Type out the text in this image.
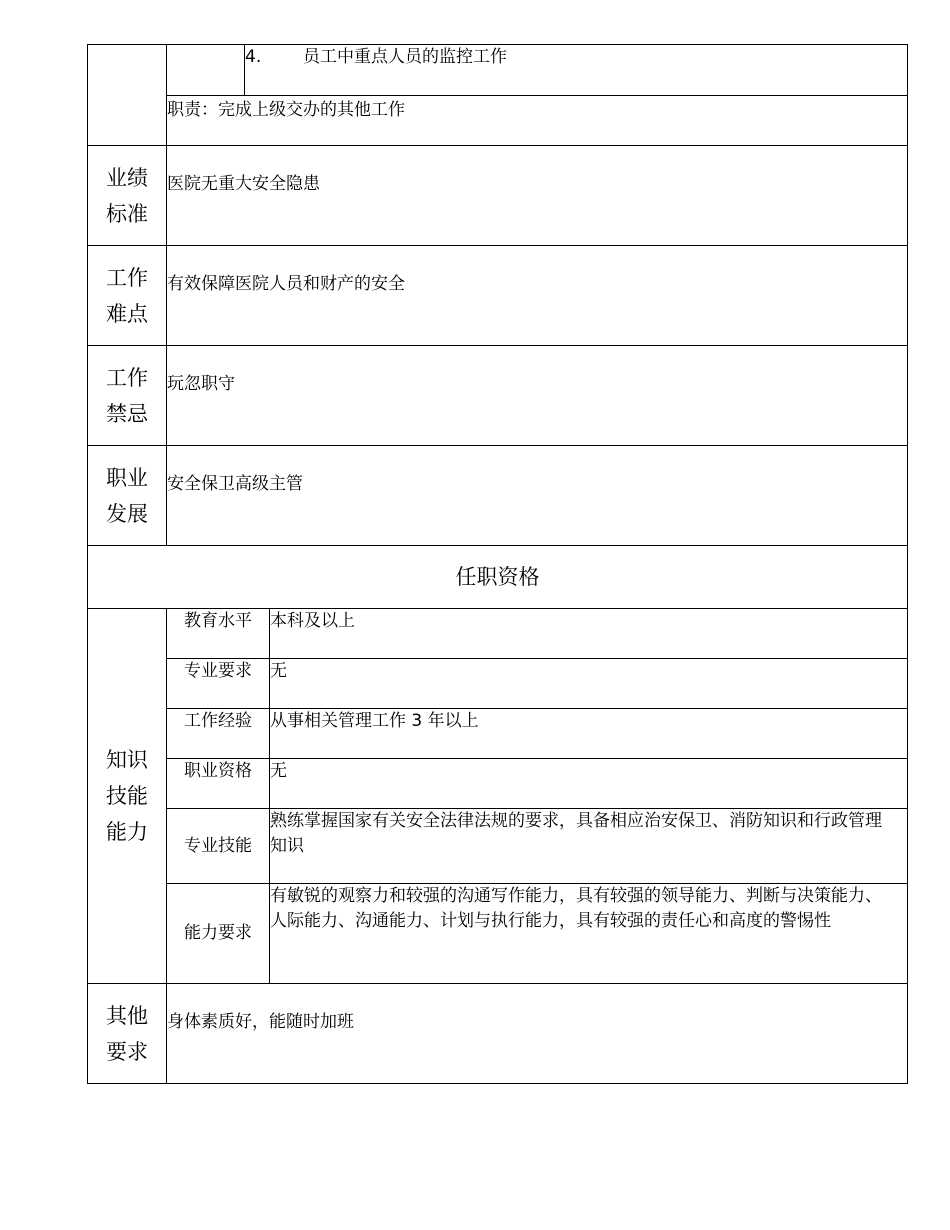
		4. 员工中重点人员的监控工作	

	职责：完成上级交办的其他工作		

业绩
标准	医院无重大安全隐患		

工作
难点	有效保障医院人员和财产的安全		

工作
禁忌	玩忽职守		

职业
发展	安全保卫高级主管		
任职资格			

知识
技能
能力	教育水平		本科及以上
	专业要求		无
	工作经验		从事相关管理工作 3 年以上
	职业资格		无
	专业技能		熟练掌握国家有关安全法律法规的要求，具备相应治安保卫、消防知识和行政管理知识
	能力要求		有敏锐的观察力和较强的沟通写作能力，具有较强的领导能力、判断与决策能力、人际能力、沟通能力、计划与执行能力，具有较强的责任心和高度的警惕性

其他
要求	身体素质好，能随时加班		
